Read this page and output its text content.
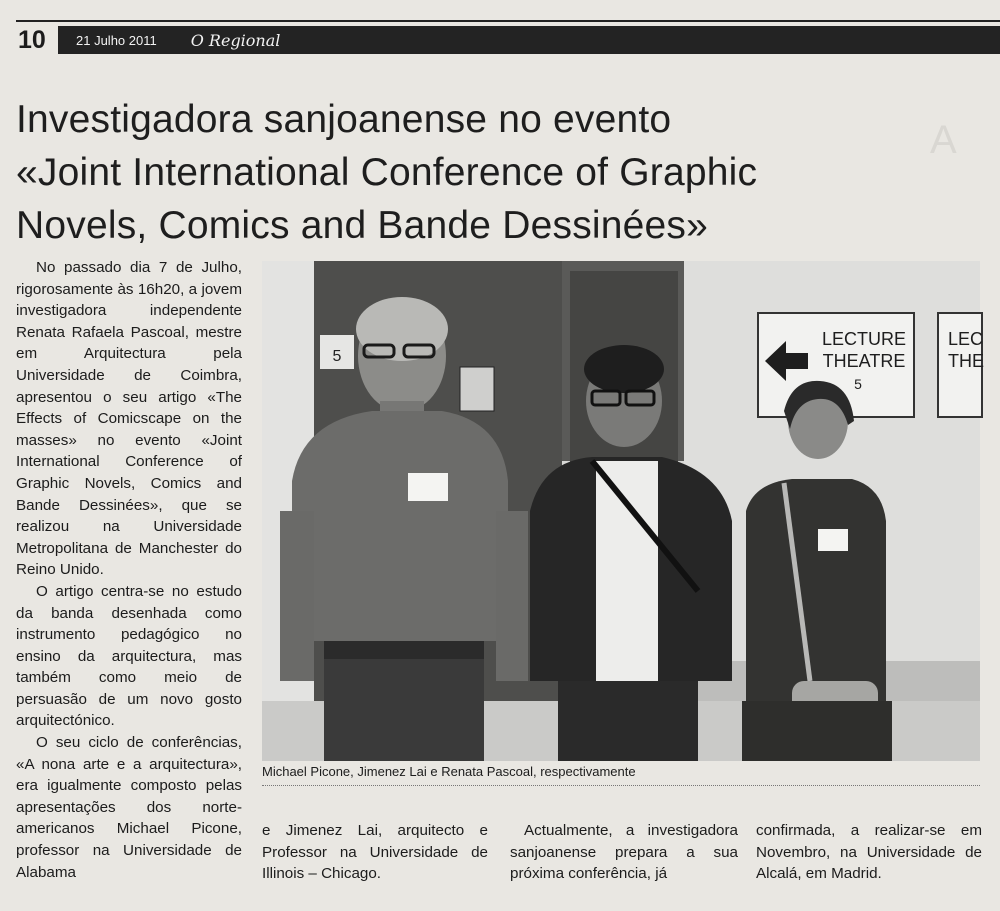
10	21 Julho 2011 O Regional
Investigadora sanjoanense no evento
«Joint International Conference of Graphic
Novels, Comics and Bande Dessinées»
A

No passado dia 7 de Julho, rigorosamente às 16h20, a jovem investigadora independente Renata Rafaela Pascoal, mestre em Arquitectura pela Universidade de Coimbra, apresentou o seu artigo «The Effects of Comicscape on the masses» no evento «Joint International Conference of Graphic Novels, Comics and Bande Dessinées», que se realizou na Universidade Metropolitana de Manchester do Reino Unido.

O artigo centra-se no estudo da banda desenhada como instrumento pedagógico no ensino da arquitectura, mas também como meio de persuasão de um novo gosto arquitectónico.

O seu ciclo de conferências, «A nona arte e a arquitectura», era igualmente composto pelas apresentações dos norte-americanos Michael Picone, professor na Universidade de Alabama

5
LECTURE
THEATRE
5
LEC
THE
Michael Picone, Jimenez Lai e Renata Pascoal, respectivamente

e Jimenez Lai, arquitecto e Professor na Universidade de Illinois – Chicago.

Actualmente, a investigadora sanjoanense prepara a sua próxima conferência, já

confirmada, a realizar-se em Novembro, na Universidade de Alcalá, em Madrid.
